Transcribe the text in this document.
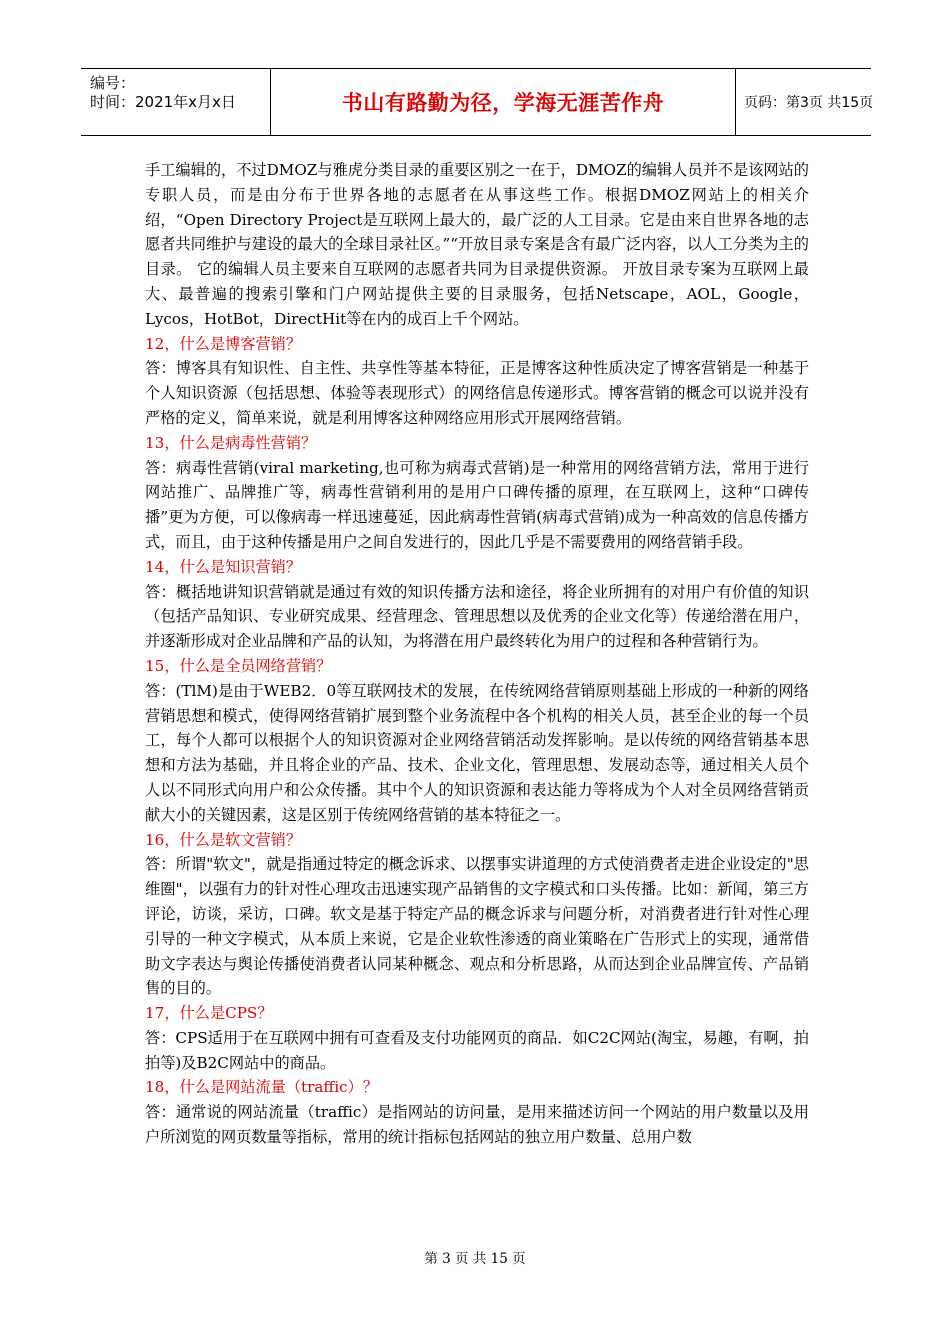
编号：
时间：2021年x月x日	书山有路勤为径，学海无涯苦作舟	页码：第3页 共15页

手工编辑的，不过DMOZ与雅虎分类目录的重要区别之一在于，DMOZ的编辑人员并不是该网站的专职人员，而是由分布于世界各地的志愿者在从事这些工作。根据DMOZ网站上的相关介绍，“Open Directory Project是互联网上最大的，最广泛的人工目录。它是由来自世界各地的志愿者共同维护与建设的最大的全球目录社区。”“开放目录专案是含有最广泛内容，以人工分类为主的目录。 它的编辑人员主要来自互联网的志愿者共同为目录提供资源。 开放目录专案为互联网上最大、最普遍的搜索引擎和门户网站提供主要的目录服务，包括Netscape，AOL，Google，Lycos，HotBot，DirectHit等在内的成百上千个网站。

12，什么是博客营销？

答：博客具有知识性、自主性、共享性等基本特征，正是博客这种性质决定了博客营销是一种基于个人知识资源（包括思想、体验等表现形式）的网络信息传递形式。博客营销的概念可以说并没有严格的定义，简单来说，就是利用博客这种网络应用形式开展网络营销。

13，什么是病毒性营销？

答：病毒性营销(viral marketing,也可称为病毒式营销)是一种常用的网络营销方法，常用于进行网站推广、品牌推广等，病毒性营销利用的是用户口碑传播的原理，在互联网上，这种“口碑传播”更为方便，可以像病毒一样迅速蔓延，因此病毒性营销(病毒式营销)成为一种高效的信息传播方式，而且，由于这种传播是用户之间自发进行的，因此几乎是不需要费用的网络营销手段。

14，什么是知识营销？

答：概括地讲知识营销就是通过有效的知识传播方法和途径，将企业所拥有的对用户有价值的知识（包括产品知识、专业研究成果、经营理念、管理思想以及优秀的企业文化等）传递给潜在用户，并逐渐形成对企业品牌和产品的认知，为将潜在用户最终转化为用户的过程和各种营销行为。

15，什么是全员网络营销？

答：(TlM)是由于WEB2．0等互联网技术的发展，在传统网络营销原则基础上形成的一种新的网络营销思想和模式，使得网络营销扩展到整个业务流程中各个机构的相关人员，甚至企业的每一个员工，每个人都可以根据个人的知识资源对企业网络营销活动发挥影响。是以传统的网络营销基本思想和方法为基础，并且将企业的产品、技术、企业文化，管理思想、发展动态等，通过相关人员个人以不同形式向用户和公众传播。其中个人的知识资源和表达能力等将成为个人对全员网络营销贡献大小的关键因素，这是区别于传统网络营销的基本特征之一。

16，什么是软文营销？

答：所谓"软文"，就是指通过特定的概念诉求、以摆事实讲道理的方式使消费者走进企业设定的"思维圈"，以强有力的针对性心理攻击迅速实现产品销售的文字模式和口头传播。比如：新闻，第三方评论，访谈，采访，口碑。软文是基于特定产品的概念诉求与问题分析，对消费者进行针对性心理引导的一种文字模式，从本质上来说，它是企业软性渗透的商业策略在广告形式上的实现，通常借助文字表达与舆论传播使消费者认同某种概念、观点和分析思路，从而达到企业品牌宣传、产品销售的目的。

17，什么是CPS？

答：CPS适用于在互联网中拥有可查看及支付功能网页的商品．如C2C网站(淘宝，易趣，有啊，拍拍等)及B2C网站中的商品。

18，什么是网站流量（traffic）？

答：通常说的网站流量（traffic）是指网站的访问量，是用来描述访问一个网站的用户数量以及用户所浏览的网页数量等指标，常用的统计指标包括网站的独立用户数量、总用户数

第 3 页 共 15 页
